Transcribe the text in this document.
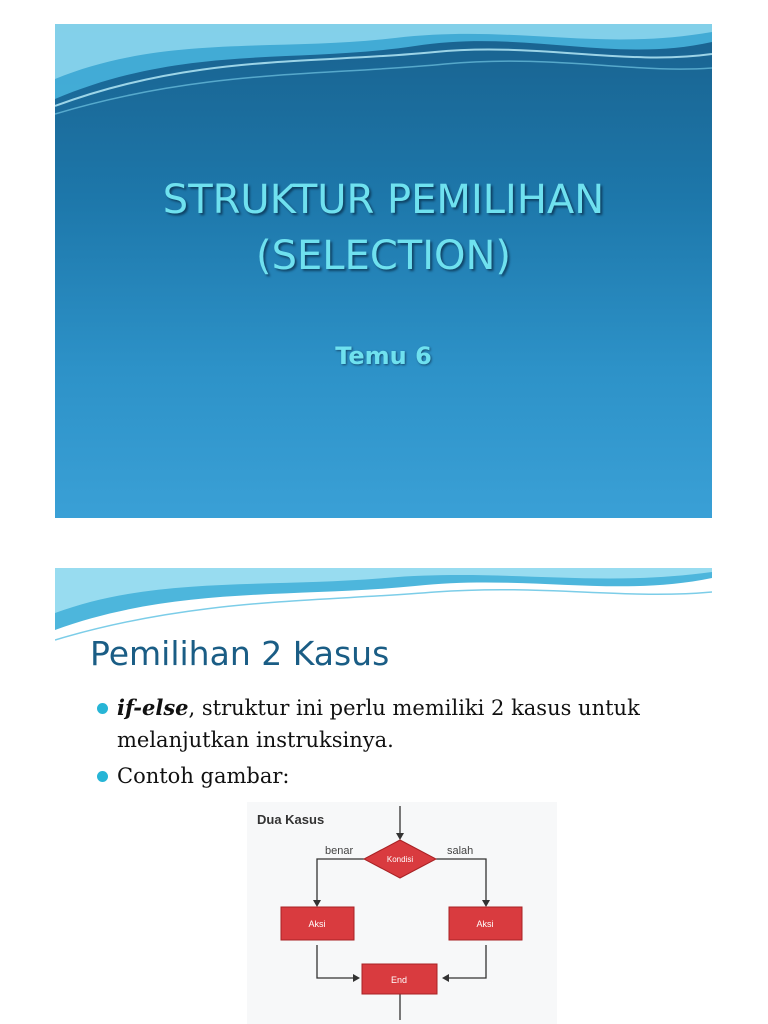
STRUKTUR PEMILIHAN
(SELECTION)
Temu 6
Pemilihan 2 Kasus
if-else, struktur ini perlu memiliki 2 kasus untuk melanjutkan instruksinya.
Contoh gambar:
Dua Kasus
Kondisi
benar	salah
Aksi	Aksi
End
